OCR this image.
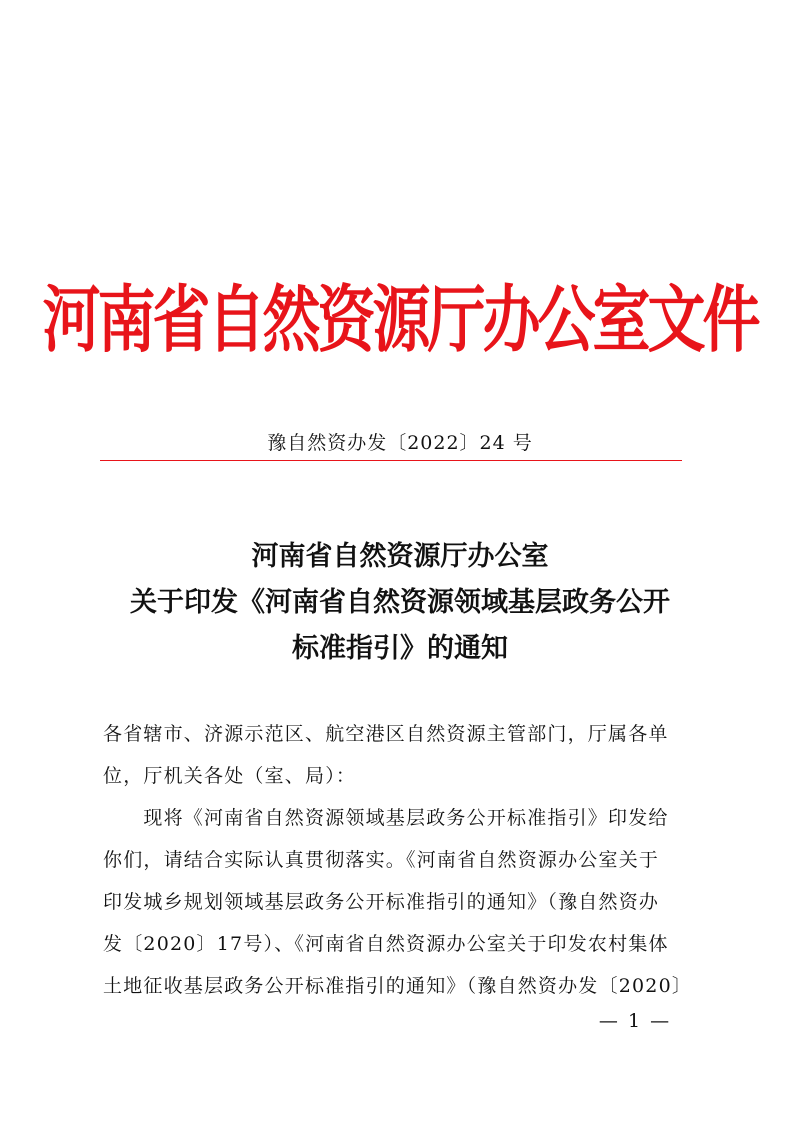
河南省自然资源厅办公室文件
豫自然资办发〔2022〕24 号
河南省自然资源厅办公室
关于印发《河南省自然资源领域基层政务公开
标准指引》的通知
各省辖市、济源示范区、航空港区自然资源主管部门，厅属各单
位，厅机关各处（室、局）：
　　现将《河南省自然资源领域基层政务公开标准指引》印发给
你们，请结合实际认真贯彻落实。《河南省自然资源办公室关于
印发城乡规划领域基层政务公开标准指引的通知》（豫自然资办
发〔2020〕17号）、《河南省自然资源办公室关于印发农村集体
土地征收基层政务公开标准指引的通知》（豫自然资办发〔2020〕
— 1 —
